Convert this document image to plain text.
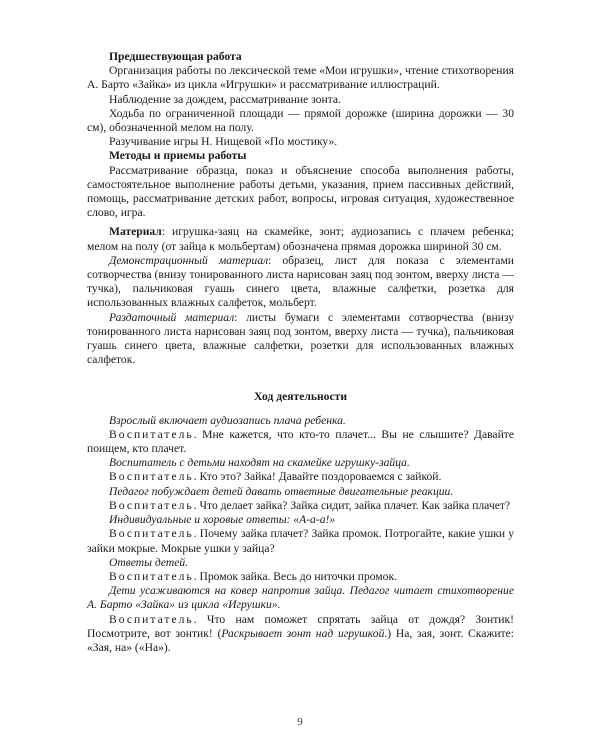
Предшествующая работа

Организация работы по лексической теме «Мои игрушки», чтение стихотворения А. Барто «Зайка» из цикла «Игрушки» и рассматривание иллюстраций.

Наблюдение за дождем, рассматривание зонта.

Ходьба по ограниченной площади — прямой дорожке (ширина дорожки — 30 см), обозначенной мелом на полу.

Разучивание игры Н. Нищевой «По мостику».

Методы и приемы работы

Рассматривание образца, показ и объяснение способа выполнения работы, самостоятельное выполнение работы детьми, указания, прием пассивных действий, помощь, рассматривание детских работ, вопросы, игровая ситуация, художественное слово, игра.

Материал: игрушка-заяц на скамейке, зонт; аудиозапись с плачем ребенка; мелом на полу (от зайца к мольбертам) обозначена прямая дорожка шириной 30 см.

Демонстрационный материал: образец, лист для показа с элементами сотворчества (внизу тонированного листа нарисован заяц под зонтом, вверху листа — тучка), пальчиковая гуашь синего цвета, влажные салфетки, розетка для использованных влажных салфеток, мольберт.

Раздаточный материал: листы бумаги с элементами сотворчества (внизу тонированного листа нарисован заяц под зонтом, вверху листа — тучка), пальчиковая гуашь синего цвета, влажные салфетки, розетки для использованных влажных салфеток.

Ход деятельности

Взрослый включает аудиозапись плача ребенка.

Воспитатель. Мне кажется, что кто-то плачет... Вы не слышите? Давайте поищем, кто плачет.

Воспитатель с детьми находят на скамейке игрушку-зайца.

Воспитатель. Кто это? Зайка! Давайте поздороваемся с зайкой.

Педагог побуждает детей давать ответные двигательные реакции.

Воспитатель. Что делает зайка? Зайка сидит, зайка плачет. Как зайка плачет?

Индивидуальные и хоровые ответы: «А-а-а!»

Воспитатель. Почему зайка плачет? Зайка промок. Потрогайте, какие ушки у зайки мокрые. Мокрые ушки у зайца?

Ответы детей.

Воспитатель. Промок зайка. Весь до ниточки промок.

Дети усаживаются на ковер напротив зайца. Педагог читает стихотворение А. Барто «Зайка» из цикла «Игрушки».

Воспитатель. Что нам поможет спрятать зайца от дождя? Зонтик! Посмотрите, вот зонтик! (Раскрывает зонт над игрушкой.) На, зая, зонт. Скажите: «Зая, на» («На»).

9
